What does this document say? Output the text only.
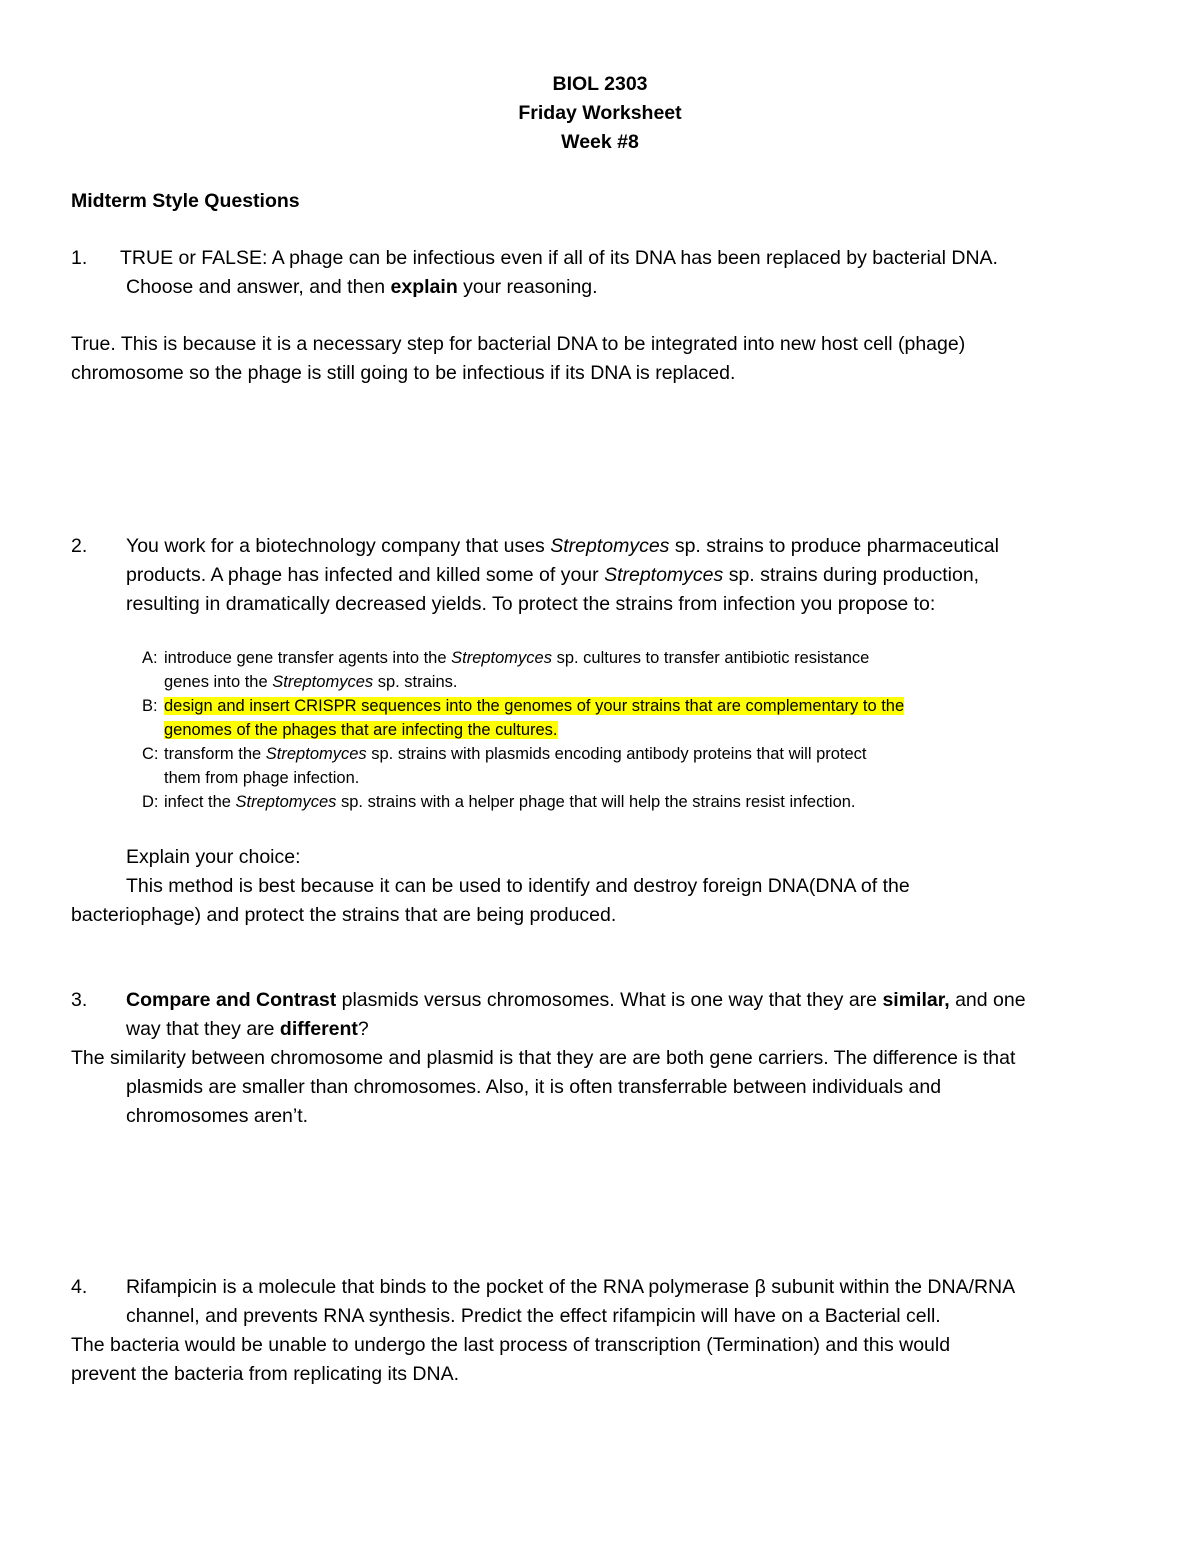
BIOL 2303
Friday Worksheet
Week #8
Midterm Style Questions
1. TRUE or FALSE: A phage can be infectious even if all of its DNA has been replaced by bacterial DNA.
Choose and answer, and then explain your reasoning.
True. This is because it is a necessary step for bacterial DNA to be integrated into new host cell (phage)
chromosome so the phage is still going to be infectious if its DNA is replaced.
2. You work for a biotechnology company that uses Streptomyces sp. strains to produce pharmaceutical
products. A phage has infected and killed some of your Streptomyces sp. strains during production,
resulting in dramatically decreased yields. To protect the strains from infection you propose to:
A: introduce gene transfer agents into the Streptomyces sp. cultures to transfer antibiotic resistance
genes into the Streptomyces sp. strains.
B: design and insert CRISPR sequences into the genomes of your strains that are complementary to the
genomes of the phages that are infecting the cultures.
C: transform the Streptomyces sp. strains with plasmids encoding antibody proteins that will protect
them from phage infection.
D: infect the Streptomyces sp. strains with a helper phage that will help the strains resist infection.
Explain your choice:
This method is best because it can be used to identify and destroy foreign DNA(DNA of the
bacteriophage) and protect the strains that are being produced.
3. Compare and Contrast plasmids versus chromosomes. What is one way that they are similar, and one
way that they are different?
The similarity between chromosome and plasmid is that they are are both gene carriers. The difference is that
plasmids are smaller than chromosomes. Also, it is often transferrable between individuals and
chromosomes aren’t.
4. Rifampicin is a molecule that binds to the pocket of the RNA polymerase β subunit within the DNA/RNA
channel, and prevents RNA synthesis. Predict the effect rifampicin will have on a Bacterial cell.
The bacteria would be unable to undergo the last process of transcription (Termination) and this would
prevent the bacteria from replicating its DNA.
